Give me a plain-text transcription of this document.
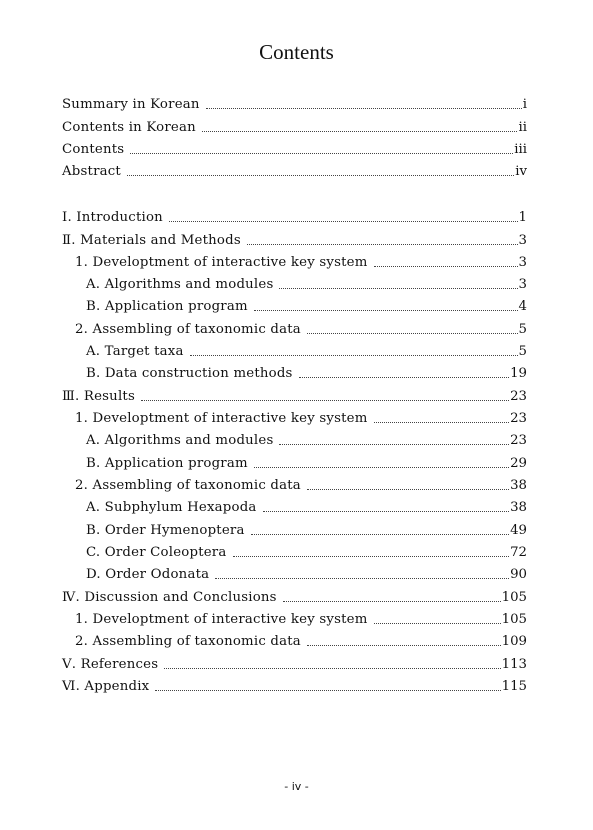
Contents
Summary in Korean	i
Contents in Korean	ii
Contents	iii
Abstract	iv
Ⅰ. Introduction	1
Ⅱ. Materials and Methods	3
1. Developtment of interactive key system	3
A. Algorithms and modules	3
B. Application program	4
2. Assembling of taxonomic data	5
A. Target taxa	5
B. Data construction methods	19
Ⅲ. Results	23
1. Developtment of interactive key system	23
A. Algorithms and modules	23
B. Application program	29
2. Assembling of taxonomic data	38
A. Subphylum Hexapoda	38
B. Order Hymenoptera	49
C. Order Coleoptera	72
D. Order Odonata	90
Ⅳ. Discussion and Conclusions	105
1. Developtment of interactive key system	105
2. Assembling of taxonomic data	109
Ⅴ. References	113
Ⅵ. Appendix	115
- iv -
